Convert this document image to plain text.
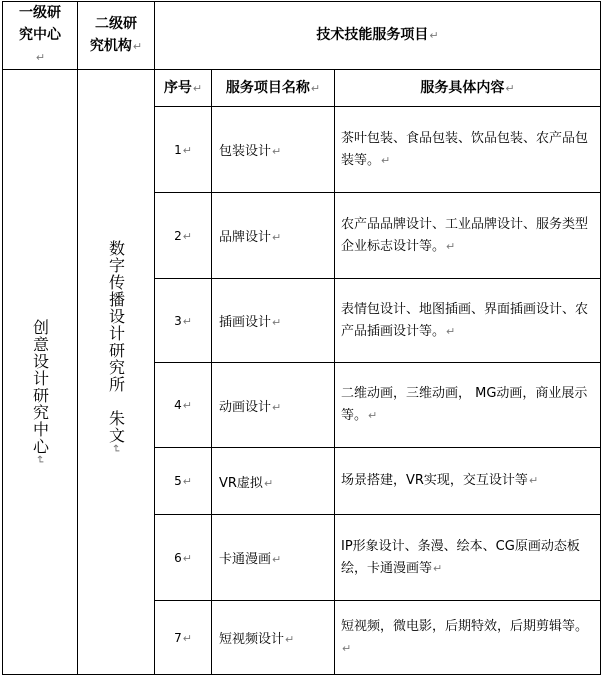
一级研究中心↵	二级研究机构↵	技术技能服务项目↵		

创意设计研究中心↵	数字传播设计研究所　朱文↵	序号↵	服务项目名称↵	服务具体内容↵
		1↵	包装设计↵	茶叶包装、食品包装、饮品包装、农产品包装等。↵
		2↵	品牌设计↵	农产品品牌设计、工业品牌设计、服务类型企业标志设计等。↵
		3↵	插画设计↵	表情包设计、地图插画、界面插画设计、农产品插画设计等。↵
		4↵	动画设计↵	二维动画，三维动画， MG动画，商业展示等。↵
		5↵	VR虚拟↵	场景搭建，VR实现，交互设计等↵
		6↵	卡通漫画↵	IP形象设计、条漫、绘本、CG原画动态板绘，卡通漫画等↵
		7↵	短视频设计↵	短视频，微电影，后期特效，后期剪辑等。↵
